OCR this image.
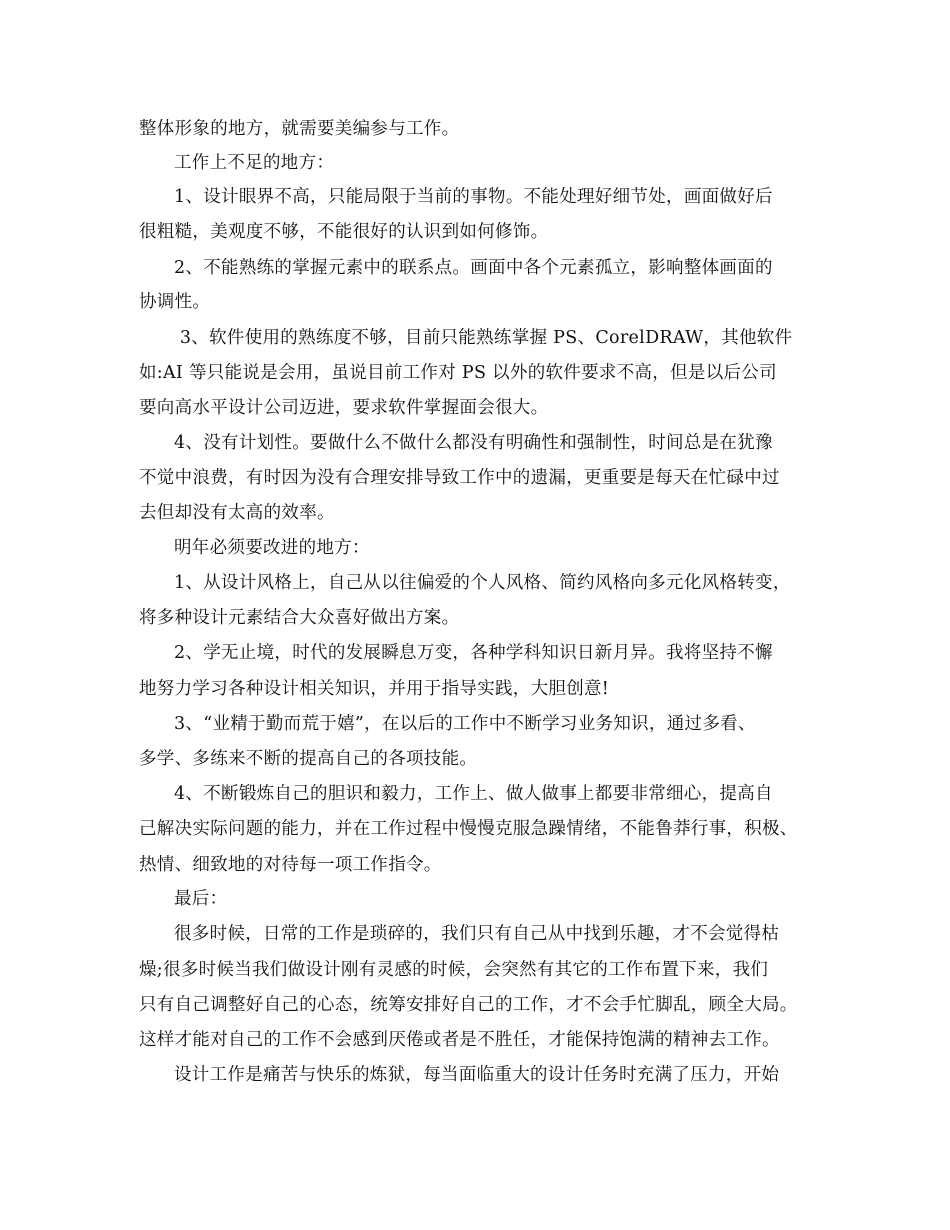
整体形象的地方，就需要美编参与工作。
工作上不足的地方：
1、设计眼界不高，只能局限于当前的事物。不能处理好细节处，画面做好后
很粗糙，美观度不够，不能很好的认识到如何修饰。
2、不能熟练的掌握元素中的联系点。画面中各个元素孤立，影响整体画面的
协调性。
3、软件使用的熟练度不够，目前只能熟练掌握 PS、CorelDRAW，其他软件
如:AI 等只能说是会用，虽说目前工作对 PS 以外的软件要求不高，但是以后公司
要向高水平设计公司迈进，要求软件掌握面会很大。
4、没有计划性。要做什么不做什么都没有明确性和强制性，时间总是在犹豫
不觉中浪费，有时因为没有合理安排导致工作中的遗漏，更重要是每天在忙碌中过
去但却没有太高的效率。
明年必须要改进的地方：
1、从设计风格上，自己从以往偏爱的个人风格、简约风格向多元化风格转变，
将多种设计元素结合大众喜好做出方案。
2、学无止境，时代的发展瞬息万变，各种学科知识日新月异。我将坚持不懈
地努力学习各种设计相关知识，并用于指导实践，大胆创意!
3、“业精于勤而荒于嬉”，在以后的工作中不断学习业务知识，通过多看、
多学、多练来不断的提高自己的各项技能。
4、不断锻炼自己的胆识和毅力，工作上、做人做事上都要非常细心，提高自
己解决实际问题的能力，并在工作过程中慢慢克服急躁情绪，不能鲁莽行事，积极、
热情、细致地的对待每一项工作指令。
最后：
很多时候，日常的工作是琐碎的，我们只有自己从中找到乐趣，才不会觉得枯
燥;很多时候当我们做设计刚有灵感的时候，会突然有其它的工作布置下来，我们
只有自己调整好自己的心态，统筹安排好自己的工作，才不会手忙脚乱，顾全大局。
这样才能对自己的工作不会感到厌倦或者是不胜任，才能保持饱满的精神去工作。
设计工作是痛苦与快乐的炼狱，每当面临重大的设计任务时充满了压力，开始
